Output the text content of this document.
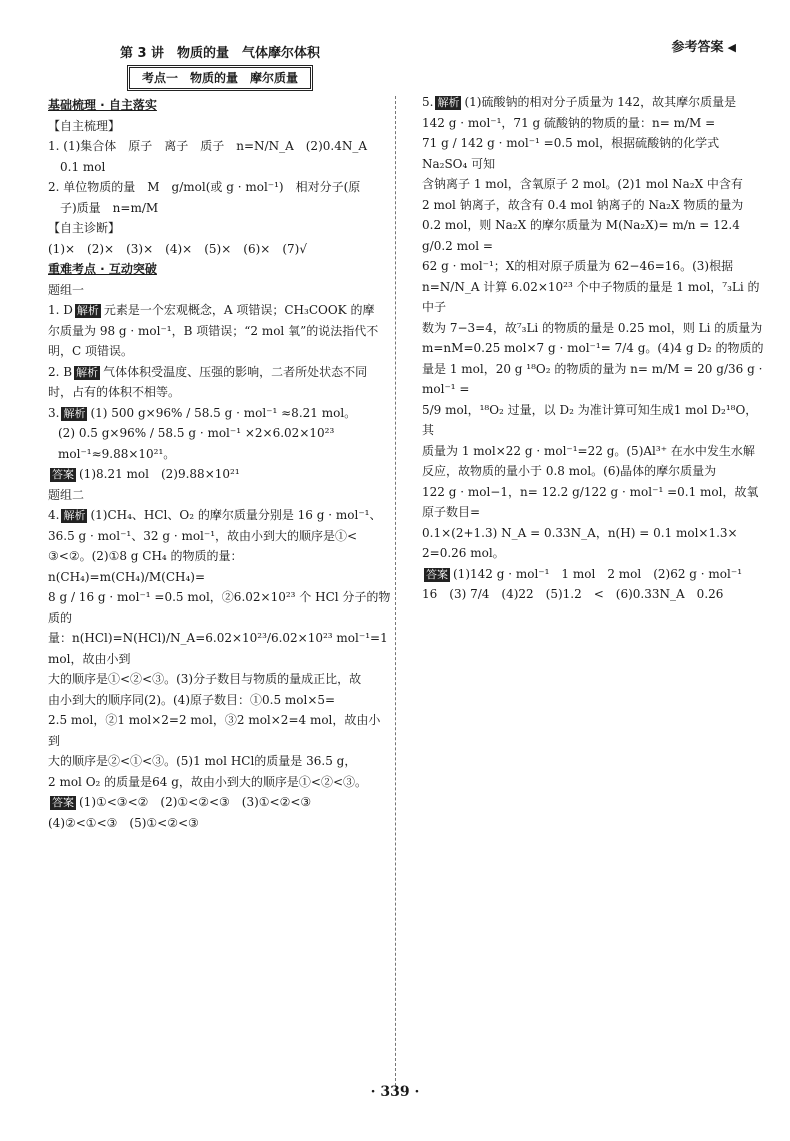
参考答案 ◀
第 3 讲　物质的量　气体摩尔体积
考点一　物质的量　摩尔质量
基础梳理 · 自主落实
【自主梳理】

1. (1)集合体　原子　离子　质子　n=N/N_A　(2)0.4N_A

　0.1 mol

2. 单位物质的量　M　g/mol(或 g · mol⁻¹)　相对分子(原

　子)质量　n=m/M

【自主诊断】

(1)×　(2)×　(3)×　(4)×　(5)×　(6)×　(7)√

重难考点 · 互动突破
题组一

1. D 解析 元素是一个宏观概念，A 项错误；CH₃COOK 的摩

尔质量为 98 g · mol⁻¹，B 项错误；“2 mol 氧”的说法指代不

明，C 项错误。

2. B 解析 气体体积受温度、压强的影响，二者所处状态不同

时，占有的体积不相等。

3. 解析 (1) 500 g×96% / 58.5 g · mol⁻¹ ≈8.21 mol。

(2) 0.5 g×96% / 58.5 g · mol⁻¹ ×2×6.02×10²³ mol⁻¹≈9.88×10²¹。

答案 (1)8.21 mol　(2)9.88×10²¹

题组二

4. 解析 (1)CH₄、HCl、O₂ 的摩尔质量分别是 16 g · mol⁻¹、

36.5 g · mol⁻¹、32 g · mol⁻¹，故由小到大的顺序是①<

③<②。(2)①8 g CH₄ 的物质的量：n(CH₄)=m(CH₄)/M(CH₄)=

8 g / 16 g · mol⁻¹ =0.5 mol，②6.02×10²³ 个 HCl 分子的物质的

量：n(HCl)=N(HCl)/N_A=6.02×10²³/6.02×10²³ mol⁻¹=1 mol，故由小到

大的顺序是①<②<③。(3)分子数目与物质的量成正比，故

由小到大的顺序同(2)。(4)原子数目：①0.5 mol×5=

2.5 mol，②1 mol×2=2 mol，③2 mol×2=4 mol，故由小到

大的顺序是②<①<③。(5)1 mol HCl的质量是 36.5 g，

2 mol O₂ 的质量是64 g，故由小到大的顺序是①<②<③。

答案 (1)①<③<②　(2)①<②<③　(3)①<②<③

(4)②<①<③　(5)①<②<③

5. 解析 (1)硫酸钠的相对分子质量为 142，故其摩尔质量是

142 g · mol⁻¹，71 g 硫酸钠的物质的量：n= m/M =

71 g / 142 g · mol⁻¹ =0.5 mol，根据硫酸钠的化学式 Na₂SO₄ 可知

含钠离子 1 mol，含氧原子 2 mol。(2)1 mol Na₂X 中含有

2 mol 钠离子，故含有 0.4 mol 钠离子的 Na₂X 物质的量为

0.2 mol，则 Na₂X 的摩尔质量为 M(Na₂X)= m/n = 12.4 g/0.2 mol =

62 g · mol⁻¹；X的相对原子质量为 62−46=16。(3)根据

n=N/N_A 计算 6.02×10²³ 个中子物质的量是 1 mol，⁷₃Li 的中子

数为 7−3=4，故⁷₃Li 的物质的量是 0.25 mol，则 Li 的质量为

m=nM=0.25 mol×7 g · mol⁻¹= 7/4 g。(4)4 g D₂ 的物质的

量是 1 mol，20 g ¹⁸O₂ 的物质的量为 n= m/M = 20 g/36 g · mol⁻¹ =

5/9 mol，¹⁸O₂ 过量，以 D₂ 为准计算可知生成1 mol D₂¹⁸O，其

质量为 1 mol×22 g · mol⁻¹=22 g。(5)Al³⁺ 在水中发生水解

反应，故物质的量小于 0.8 mol。(6)晶体的摩尔质量为

122 g · mol−1，n= 12.2 g/122 g · mol⁻¹ =0.1 mol，故氧原子数目=

0.1×(2+1.3) N_A = 0.33N_A，n(H) = 0.1 mol×1.3×

2=0.26 mol。

答案 (1)142 g · mol⁻¹　1 mol　2 mol　(2)62 g · mol⁻¹

16　(3) 7/4　(4)22　(5)1.2　<　(6)0.33N_A　0.26

· 339 ·
